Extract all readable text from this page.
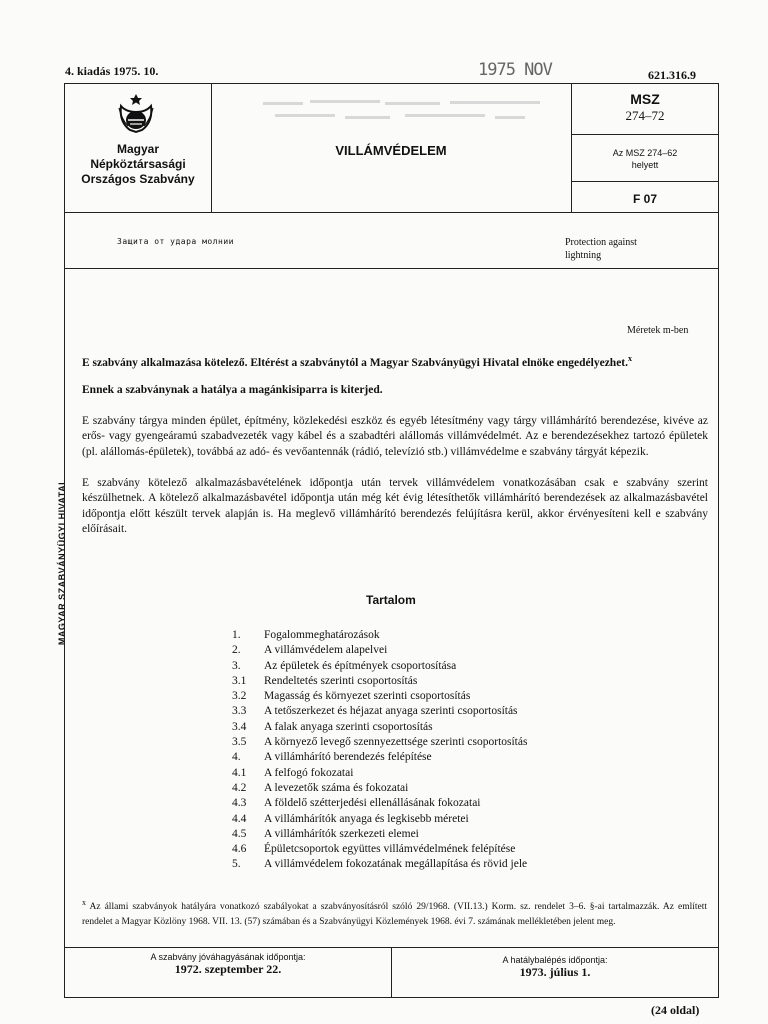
4. kiadás 1975. 10.	1975 NOV	621.316.9
MAGYAR SZABVÁNYÜGYI HIVATAL
Magyar
Népköztársasági
Országos Szabvány
VILLÁMVÉDELEM
MSZ
274–72
Az MSZ 274–62
helyett
F 07
Защита от удара молнии	Protection against
lightning
Méretek m-ben
E szabvány alkalmazása kötelező. Eltérést a szabványtól a Magyar Szabványügyi Hivatal elnöke engedélyezhet.$^x$
Ennek a szabványnak a hatálya a magánkisiparra is kiterjed.
E szabvány tárgya minden épület, építmény, közlekedési eszköz és egyéb létesítmény vagy tárgy villámhárító berendezése, kivéve az erős- vagy gyengeáramú szabadvezeték vagy kábel és a szabadtéri alállomás villámvédelmét. Az e berendezésekhez tartozó épületek (pl. alállomás-épületek), továbbá az adó- és vevőantennák (rádió, televízió stb.) villámvédelme e szabvány tárgyát képezik.
E szabvány kötelező alkalmazásbavételének időpontja után tervek villámvédelem vonatkozásában csak e szabvány szerint készülhetnek. A kötelező alkalmazásbavétel időpontja után még két évig létesíthetők villámhárító berendezések az alkalmazásbavétel időpontja előtt készült tervek alapján is. Ha meglevő villámhárító berendezés felújításra kerül, akkor érvényesíteni kell e szabvány előírásait.
Tartalom
1.	Fogalommeghatározások
2.	A villámvédelem alapelvei
3.	Az épületek és építmények csoportosítása
3.1	Rendeltetés szerinti csoportosítás
3.2	Magasság és környezet szerinti csoportosítás
3.3	A tetőszerkezet és héjazat anyaga szerinti csoportosítás
3.4	A falak anyaga szerinti csoportosítás
3.5	A környező levegő szennyezettsége szerinti csoportosítás
4.	A villámhárító berendezés felépítése
4.1	A felfogó fokozatai
4.2	A levezetők száma és fokozatai
4.3	A földelő szétterjedési ellenállásának fokozatai
4.4	A villámhárítók anyaga és legkisebb méretei
4.5	A villámhárítók szerkezeti elemei
4.6	Épületcsoportok együttes villámvédelmének felépítése
5.	A villámvédelem fokozatának megállapítása és rövid jele
$^x$ Az állami szabványok hatályára vonatkozó szabályokat a szabványosításról szóló 29/1968. (VII.13.) Korm. sz. rendelet 3–6. §-ai tartalmazzák. Az említett rendelet a Magyar Közlöny 1968. VII. 13. (57) számában és a Szabványügyi Közlemények 1968. évi 7. számának mellékletében jelent meg.
A szabvány jóváhagyásának időpontja:
1972. szeptember 22.
A hatálybalépés időpontja:
1973. július 1.
(24 oldal)
